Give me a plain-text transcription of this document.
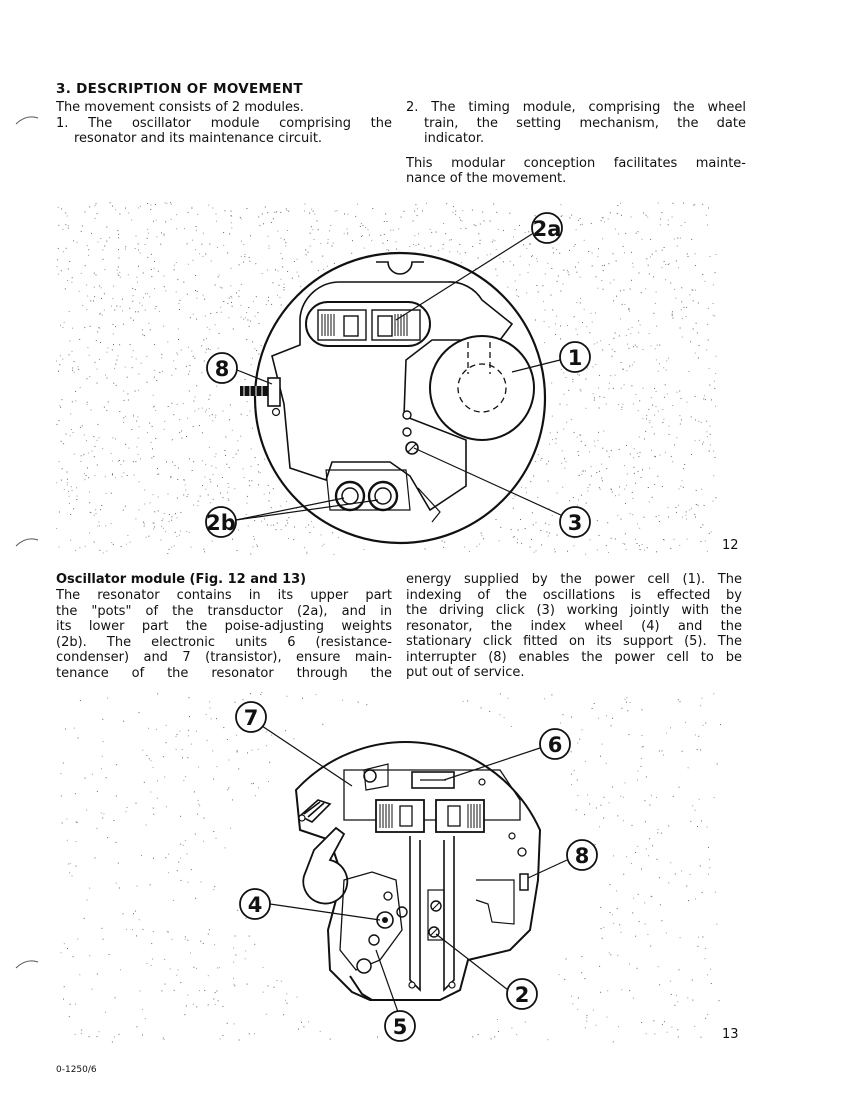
3. DESCRIPTION OF MOVEMENT
The movement consists of 2 modules.
1. The oscillator module comprising the
resonator and its maintenance circuit.
2. The timing module, comprising the wheel
train, the setting mechanism, the date
indicator.
This modular conception facilitates mainte-
nance of the movement.
2a
1
8
3
2b
12
Oscillator module (Fig. 12 and 13)
The resonator contains in its upper part
the "pots" of the transductor (2a), and in
its lower part the poise-adjusting weights
(2b). The electronic units 6 (resistance-
condenser) and 7 (transistor), ensure main-
tenance of the resonator through the
energy supplied by the power cell (1). The
indexing of the oscillations is effected by
the driving click (3) working jointly with the
resonator, the index wheel (4) and the
stationary click fitted on its support (5). The
interrupter (8) enables the power cell to be
put out of service.
7
6
8
4
2
5	13
0-1250/6
